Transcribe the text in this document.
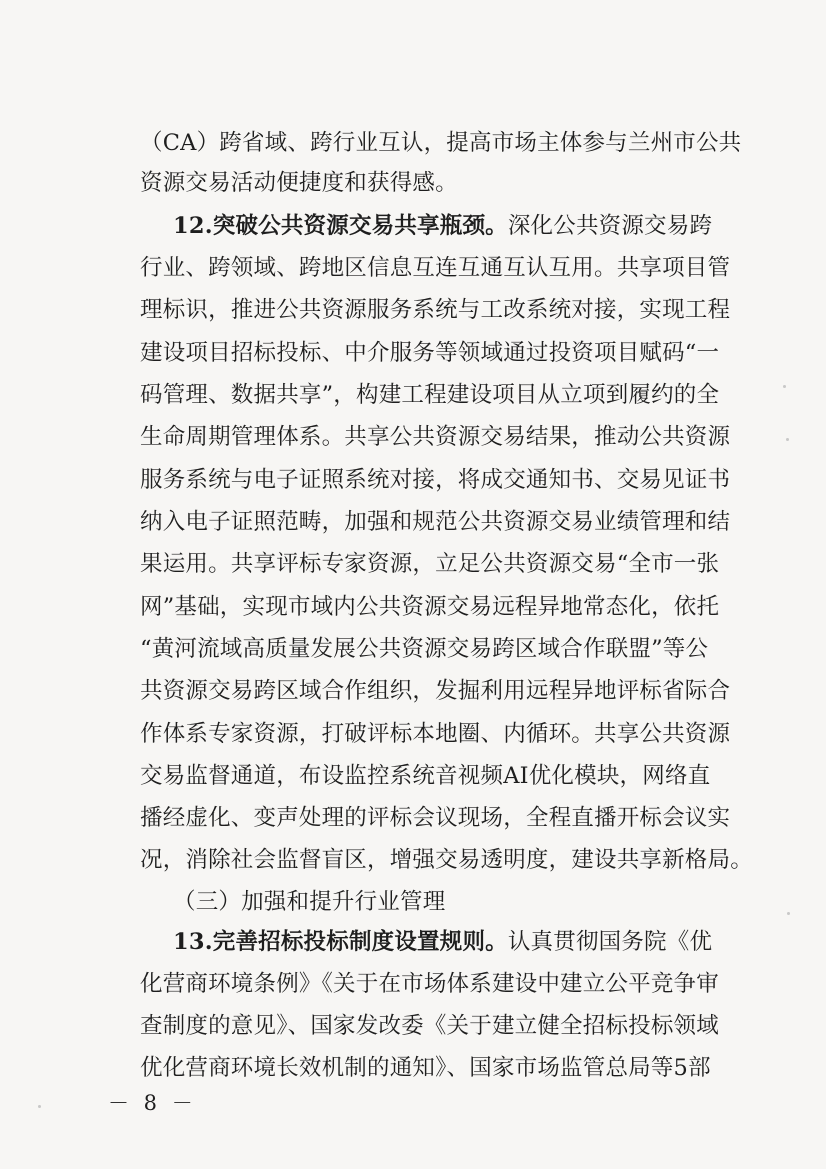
（CA）跨省域、跨行业互认，提高市场主体参与兰州市公共
资源交易活动便捷度和获得感。
12.突破公共资源交易共享瓶颈。深化公共资源交易跨
行业、跨领域、跨地区信息互连互通互认互用。共享项目管
理标识，推进公共资源服务系统与工改系统对接，实现工程
建设项目招标投标、中介服务等领域通过投资项目赋码“一
码管理、数据共享”，构建工程建设项目从立项到履约的全
生命周期管理体系。共享公共资源交易结果，推动公共资源
服务系统与电子证照系统对接，将成交通知书、交易见证书
纳入电子证照范畴，加强和规范公共资源交易业绩管理和结
果运用。共享评标专家资源，立足公共资源交易“全市一张
网”基础，实现市域内公共资源交易远程异地常态化，依托
“黄河流域高质量发展公共资源交易跨区域合作联盟”等公
共资源交易跨区域合作组织，发掘利用远程异地评标省际合
作体系专家资源，打破评标本地圈、内循环。共享公共资源
交易监督通道，布设监控系统音视频AI优化模块，网络直
播经虚化、变声处理的评标会议现场，全程直播开标会议实
况，消除社会监督盲区，增强交易透明度，建设共享新格局。
（三）加强和提升行业管理
13.完善招标投标制度设置规则。认真贯彻国务院《优
化营商环境条例》《关于在市场体系建设中建立公平竞争审
查制度的意见》、国家发改委《关于建立健全招标投标领域
优化营商环境长效机制的通知》、国家市场监管总局等5部
－ 8 －
